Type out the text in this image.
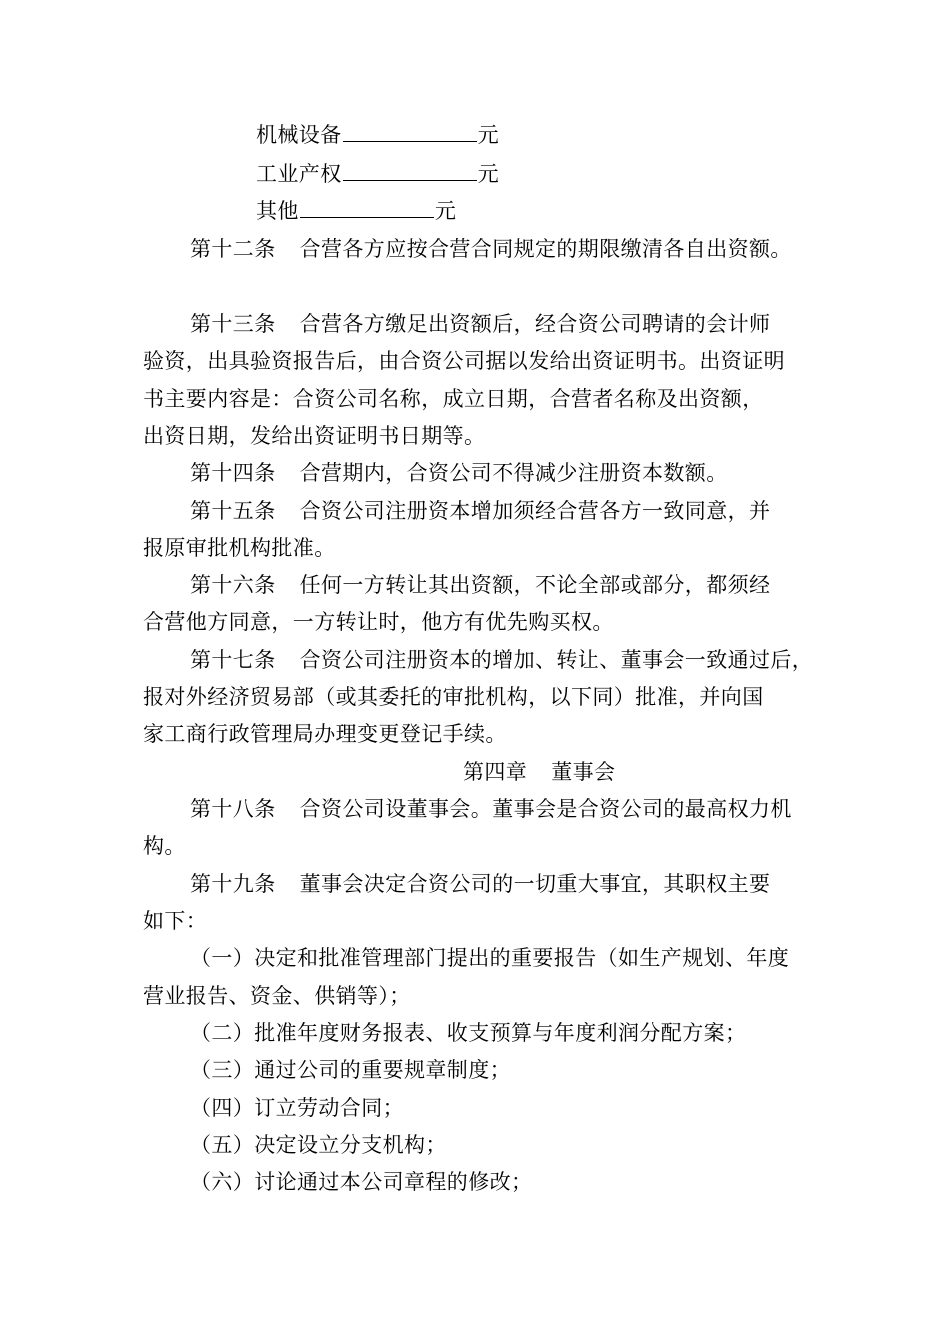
机械设备	元
工业产权	元
其他	元
第十二条 合营各方应按合营合同规定的期限缴清各自出资额。
第十三条 合营各方缴足出资额后，经合资公司聘请的会计师
验资，出具验资报告后，由合资公司据以发给出资证明书。出资证明
书主要内容是：合资公司名称，成立日期，合营者名称及出资额，
出资日期，发给出资证明书日期等。
第十四条 合营期内，合资公司不得减少注册资本数额。
第十五条 合资公司注册资本增加须经合营各方一致同意，并
报原审批机构批准。
第十六条 任何一方转让其出资额，不论全部或部分，都须经
合营他方同意，一方转让时，他方有优先购买权。
第十七条 合资公司注册资本的增加、转让、董事会一致通过后，
报对外经济贸易部（或其委托的审批机构，以下同）批准，并向国
家工商行政管理局办理变更登记手续。
第四章 董事会
第十八条 合资公司设董事会。董事会是合资公司的最高权力机
构。
第十九条 董事会决定合资公司的一切重大事宜，其职权主要
如下：
（一）决定和批准管理部门提出的重要报告（如生产规划、年度
营业报告、资金、供销等）；
（二）批准年度财务报表、收支预算与年度利润分配方案；
（三）通过公司的重要规章制度；
（四）订立劳动合同；
（五）决定设立分支机构；
（六）讨论通过本公司章程的修改；
